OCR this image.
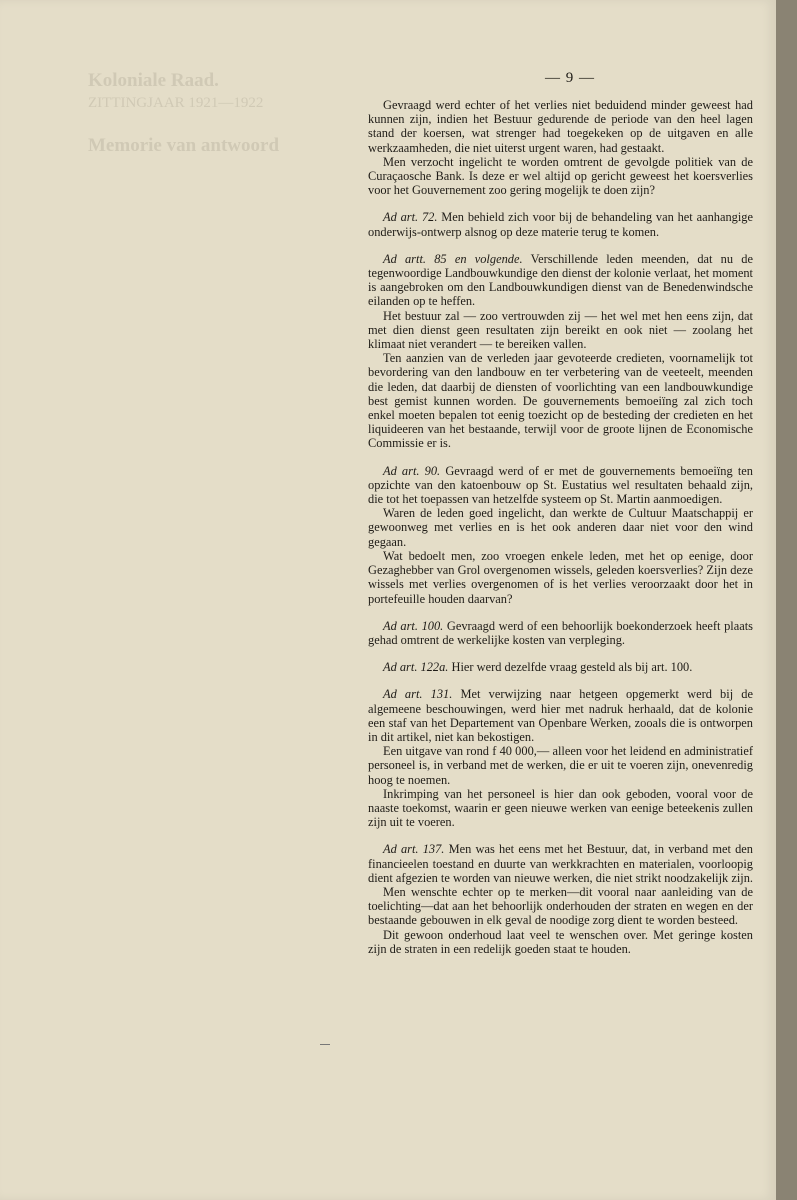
Koloniale Raad.
ZITTINGJAAR 1921—1922

Memorie van antwoord
— 9 —

Gevraagd werd echter of het verlies niet beduidend minder geweest had kunnen zijn, indien het Bestuur gedurende de periode van den heel lagen stand der koersen, wat strenger had toegekeken op de uitgaven en alle werkzaamheden, die niet uiterst urgent waren, had gestaakt.

Men verzocht ingelicht te worden omtrent de gevolgde politiek van de Curaçaosche Bank. Is deze er wel altijd op gericht geweest het koersverlies voor het Gouvernement zoo gering mogelijk te doen zijn?

Ad art. 72. Men behield zich voor bij de behandeling van het aanhangige onderwijs-ontwerp alsnog op deze materie terug te komen.

Ad artt. 85 en volgende. Verschillende leden meenden, dat nu de tegenwoordige Landbouwkundige den dienst der kolonie verlaat, het moment is aangebroken om den Landbouwkundigen dienst van de Benedenwindsche eilanden op te heffen.

Het bestuur zal — zoo vertrouwden zij — het wel met hen eens zijn, dat met dien dienst geen resultaten zijn bereikt en ook niet — zoolang het klimaat niet verandert — te bereiken vallen.

Ten aanzien van de verleden jaar gevoteerde credieten, voornamelijk tot bevordering van den landbouw en ter verbetering van de veeteelt, meenden die leden, dat daarbij de diensten of voorlichting van een landbouwkundige best gemist kunnen worden. De gouvernements bemoeiïng zal zich toch enkel moeten bepalen tot eenig toezicht op de besteding der credieten en het liquideeren van het bestaande, terwijl voor de groote lijnen de Economische Commissie er is.

Ad art. 90. Gevraagd werd of er met de gouvernements bemoeiïng ten opzichte van den katoenbouw op St. Eustatius wel resultaten behaald zijn, die tot het toepassen van hetzelfde systeem op St. Martin aanmoedigen.

Waren de leden goed ingelicht, dan werkte de Cultuur Maatschappij er gewoonweg met verlies en is het ook anderen daar niet voor den wind gegaan.

Wat bedoelt men, zoo vroegen enkele leden, met het op eenige, door Gezaghebber van Grol overgenomen wissels, geleden koersverlies? Zijn deze wissels met verlies overgenomen of is het verlies veroorzaakt door het in portefeuille houden daarvan?

Ad art. 100. Gevraagd werd of een behoorlijk boekonderzoek heeft plaats gehad omtrent de werkelijke kosten van verpleging.

Ad art. 122a. Hier werd dezelfde vraag gesteld als bij art. 100.

Ad art. 131. Met verwijzing naar hetgeen opgemerkt werd bij de algemeene beschouwingen, werd hier met nadruk herhaald, dat de kolonie een staf van het Departement van Openbare Werken, zooals die is ontworpen in dit artikel, niet kan bekostigen.

Een uitgave van rond f 40 000,— alleen voor het leidend en administratief personeel is, in verband met de werken, die er uit te voeren zijn, onevenredig hoog te noemen.

Inkrimping van het personeel is hier dan ook geboden, vooral voor de naaste toekomst, waarin er geen nieuwe werken van eenige beteekenis zullen zijn uit te voeren.

Ad art. 137. Men was het eens met het Bestuur, dat, in verband met den financieelen toestand en duurte van werkkrachten en materialen, voorloopig dient afgezien te worden van nieuwe werken, die niet strikt noodzakelijk zijn.

Men wenschte echter op te merken—dit vooral naar aanleiding van de toelichting—dat aan het behoorlijk onderhouden der straten en wegen en der bestaande gebouwen in elk geval de noodige zorg dient te worden besteed.

Dit gewoon onderhoud laat veel te wenschen over. Met geringe kosten zijn de straten in een redelijk goeden staat te houden.
